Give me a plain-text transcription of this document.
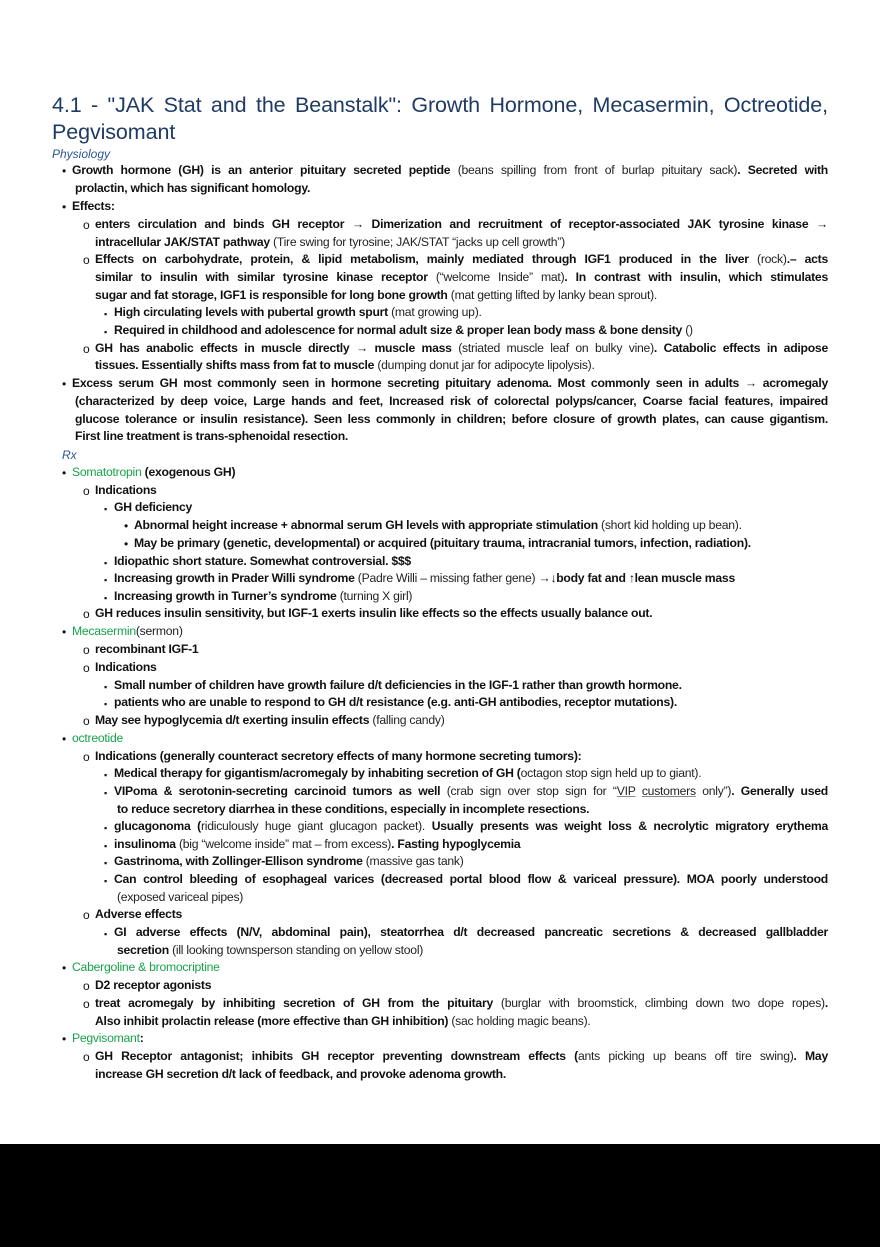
4.1 - "JAK Stat and the Beanstalk": Growth Hormone, Mecasermin, Octreotide, Pegvisomant
Physiology
Rx
• Growth hormone (GH) is an anterior pituitary secreted peptide (beans spilling from front of burlap pituitary sack). Secreted with
prolactin, which has significant homology.
• Effects:
o enters circulation and binds GH receptor → Dimerization and recruitment of receptor-associated JAK tyrosine kinase →
intracellular JAK/STAT pathway (Tire swing for tyrosine; JAK/STAT “jacks up cell growth”)
o Effects on carbohydrate, protein, & lipid metabolism, mainly mediated through IGF1 produced in the liver (rock).– acts
similar to insulin with similar tyrosine kinase receptor (“welcome Inside” mat). In contrast with insulin, which stimulates
sugar and fat storage, IGF1 is responsible for long bone growth (mat getting lifted by lanky bean sprout).
▪ High circulating levels with pubertal growth spurt (mat growing up).
▪ Required in childhood and adolescence for normal adult size & proper lean body mass & bone density ()
o GH has anabolic effects in muscle directly → muscle mass (striated muscle leaf on bulky vine). Catabolic effects in adipose
tissues. Essentially shifts mass from fat to muscle (dumping donut jar for adipocyte lipolysis).
• Excess serum GH most commonly seen in hormone secreting pituitary adenoma. Most commonly seen in adults → acromegaly
(characterized by deep voice, Large hands and feet, Increased risk of colorectal polyps/cancer, Coarse facial features, impaired
glucose tolerance or insulin resistance). Seen less commonly in children; before closure of growth plates, can cause gigantism.
First line treatment is trans-sphenoidal resection.
• Somatotropin (exogenous GH)
o Indications
▪ GH deficiency
• Abnormal height increase + abnormal serum GH levels with appropriate stimulation (short kid holding up bean).
• May be primary (genetic, developmental) or acquired (pituitary trauma, intracranial tumors, infection, radiation).
▪ Idiopathic short stature. Somewhat controversial. $$$
▪ Increasing growth in Prader Willi syndrome (Padre Willi – missing father gene) →↓body fat and ↑lean muscle mass
▪ Increasing growth in Turner’s syndrome (turning X girl)
o GH reduces insulin sensitivity, but IGF-1 exerts insulin like effects so the effects usually balance out.
• Mecasermin(sermon)
o recombinant IGF-1
o Indications
▪ Small number of children have growth failure d/t deficiencies in the IGF-1 rather than growth hormone.
▪ patients who are unable to respond to GH d/t resistance (e.g. anti-GH antibodies, receptor mutations).
o May see hypoglycemia d/t exerting insulin effects (falling candy)
• octreotide
o Indications (generally counteract secretory effects of many hormone secreting tumors):
▪ Medical therapy for gigantism/acromegaly by inhabiting secretion of GH (octagon stop sign held up to giant).
▪ VIPoma & serotonin-secreting carcinoid tumors as well (crab sign over stop sign for “VIP customers only”). Generally used
to reduce secretory diarrhea in these conditions, especially in incomplete resections.
▪ glucagonoma (ridiculously huge giant glucagon packet). Usually presents was weight loss & necrolytic migratory erythema
▪ insulinoma (big “welcome inside” mat – from excess). Fasting hypoglycemia
▪ Gastrinoma, with Zollinger-Ellison syndrome (massive gas tank)
▪ Can control bleeding of esophageal varices (decreased portal blood flow & variceal pressure). MOA poorly understood
(exposed variceal pipes)
o Adverse effects
▪ GI adverse effects (N/V, abdominal pain), steatorrhea d/t decreased pancreatic secretions & decreased gallbladder
secretion (ill looking townsperson standing on yellow stool)
• Cabergoline & bromocriptine
o D2 receptor agonists
o treat acromegaly by inhibiting secretion of GH from the pituitary (burglar with broomstick, climbing down two dope ropes).
Also inhibit prolactin release (more effective than GH inhibition) (sac holding magic beans).
• Pegvisomant:
o GH Receptor antagonist; inhibits GH receptor preventing downstream effects (ants picking up beans off tire swing). May
increase GH secretion d/t lack of feedback, and provoke adenoma growth.
